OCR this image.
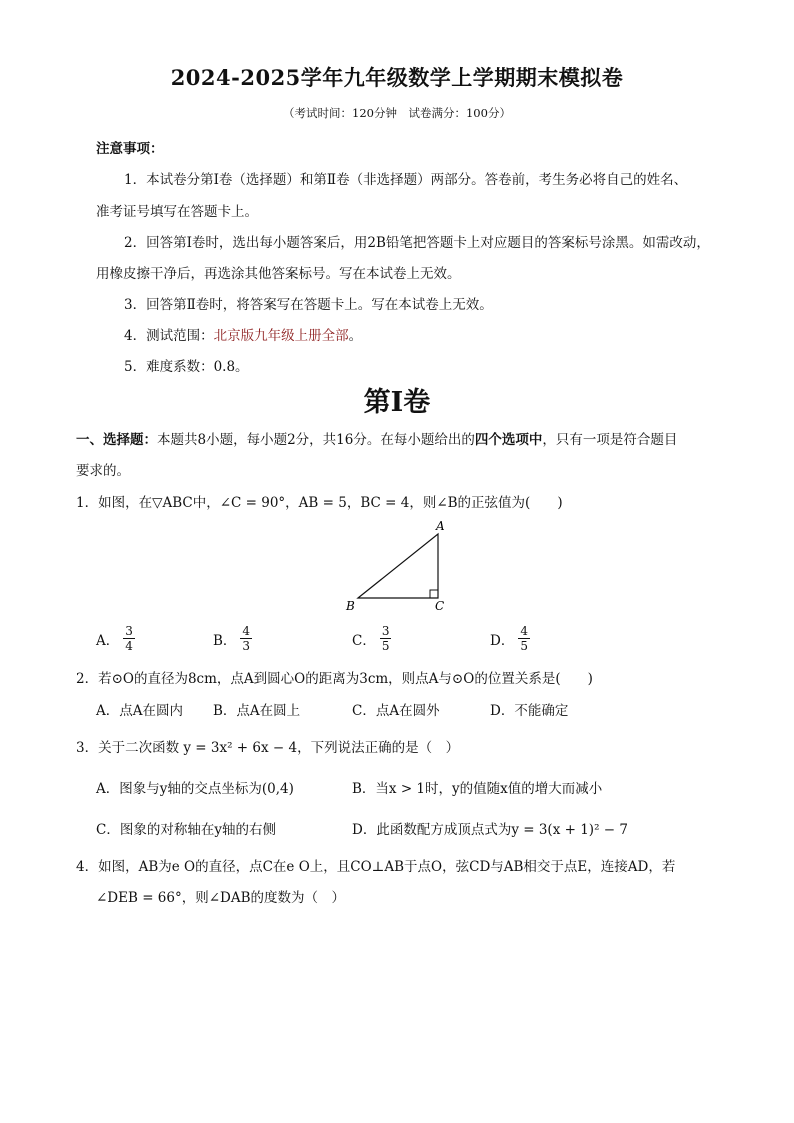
2024-2025学年九年级数学上学期期末模拟卷
（考试时间：120分钟　试卷满分：100分）
注意事项：
1．本试卷分第Ⅰ卷（选择题）和第Ⅱ卷（非选择题）两部分。答卷前，考生务必将自己的姓名、
准考证号填写在答题卡上。
2．回答第Ⅰ卷时，选出每小题答案后，用2B铅笔把答题卡上对应题目的答案标号涂黑。如需改动，
用橡皮擦干净后，再选涂其他答案标号。写在本试卷上无效。
3．回答第Ⅱ卷时，将答案写在答题卡上。写在本试卷上无效。
4．测试范围：北京版九年级上册全部。
5．难度系数：0.8。
第Ⅰ卷
一、选择题：本题共8小题，每小题2分，共16分。在每小题给出的四个选项中，只有一项是符合题目
要求的。
1．如图，在▽ABC中，∠C = 90°，AB = 5，BC = 4，则∠B的正弦值为(　　)
A
B	C
A． $\frac{3}{4}$	B． $\frac{4}{3}$	C． $\frac{3}{5}$	D． $\frac{4}{5}$
2．若⊙O的直径为8cm，点A到圆心O的距离为3cm，则点A与⊙O的位置关系是(　　)
A．点A在圆内 B．点A在圆上	C．点A在圆外	D．不能确定
3．关于二次函数 y = 3x² + 6x − 4，下列说法正确的是（　）
A．图象与y轴的交点坐标为(0,4)	B．当x > 1时，y的值随x值的增大而减小
C．图象的对称轴在y轴的右侧	D．此函数配方成顶点式为y = 3(x + 1)² − 7
4．如图，AB为e O的直径，点C在e O上，且CO⊥AB于点O，弦CD与AB相交于点E，连接AD，若
∠DEB = 66°，则∠DAB的度数为（　）
